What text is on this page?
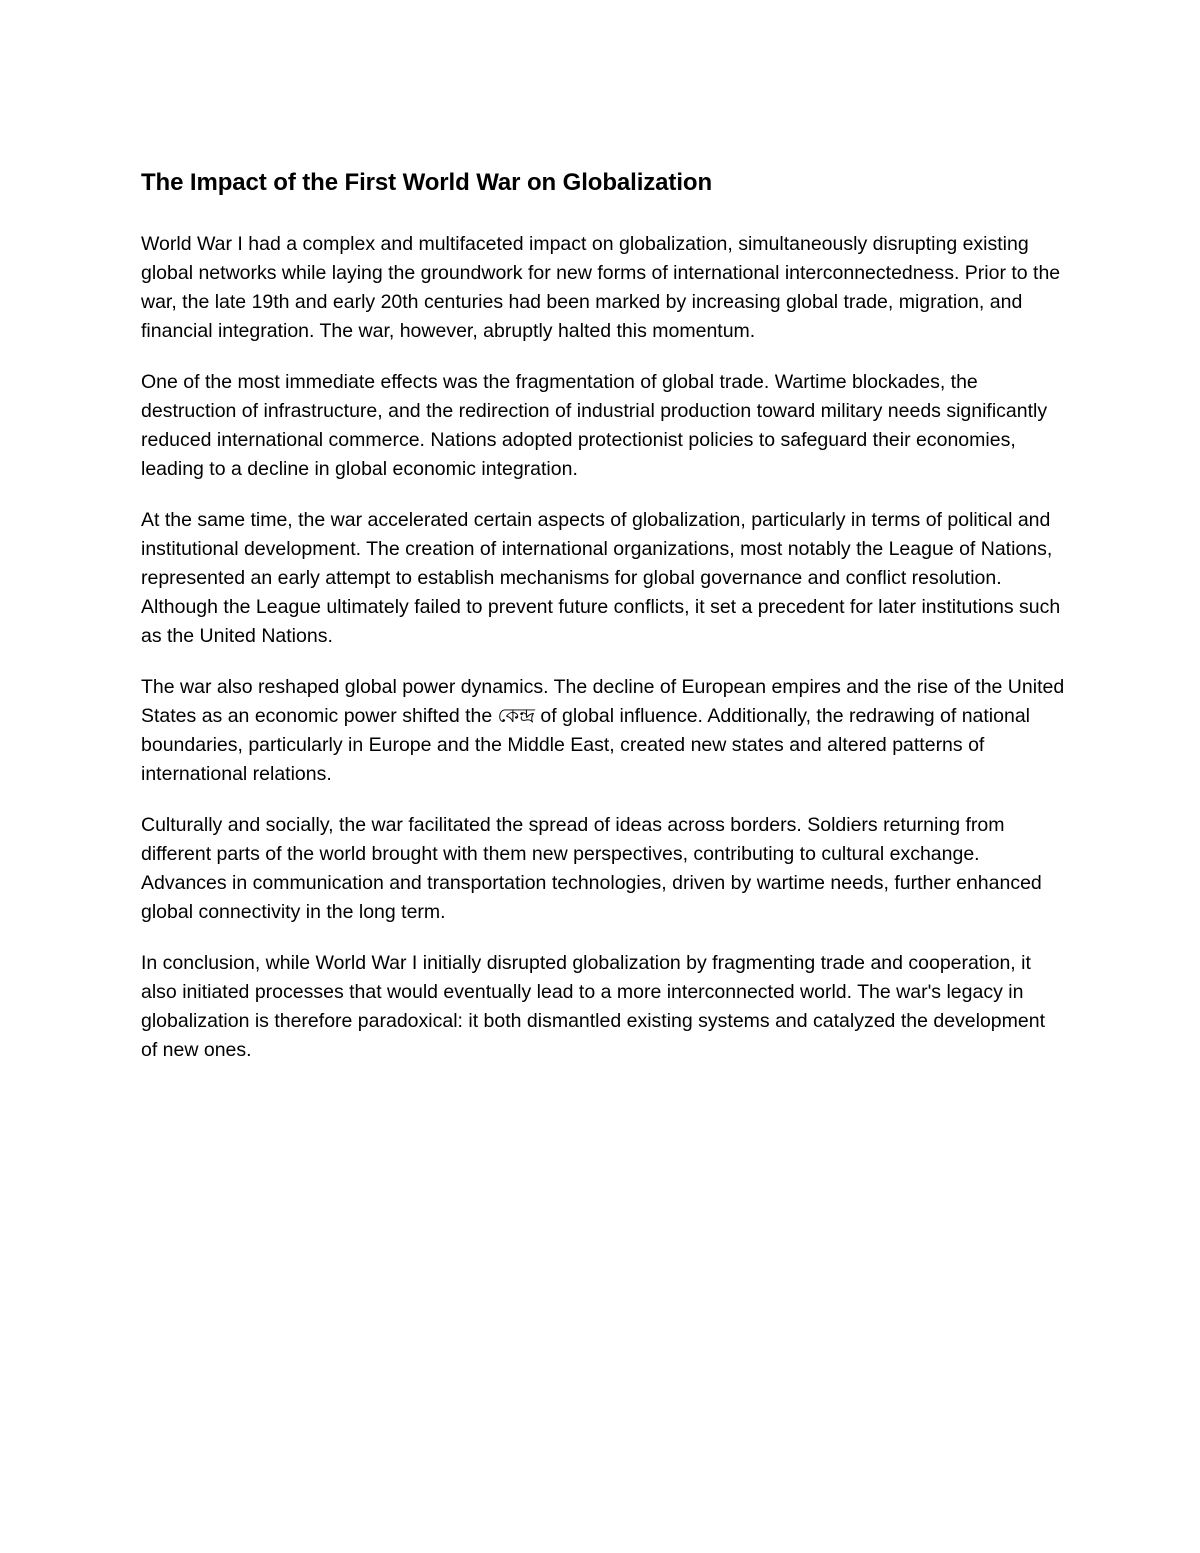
The Impact of the First World War on Globalization

World War I had a complex and multifaceted impact on globalization, simultaneously disrupting existing global networks while laying the groundwork for new forms of international interconnectedness. Prior to the war, the late 19th and early 20th centuries had been marked by increasing global trade, migration, and financial integration. The war, however, abruptly halted this momentum.

One of the most immediate effects was the fragmentation of global trade. Wartime blockades, the destruction of infrastructure, and the redirection of industrial production toward military needs significantly reduced international commerce. Nations adopted protectionist policies to safeguard their economies, leading to a decline in global economic integration.

At the same time, the war accelerated certain aspects of globalization, particularly in terms of political and institutional development. The creation of international organizations, most notably the League of Nations, represented an early attempt to establish mechanisms for global governance and conflict resolution. Although the League ultimately failed to prevent future conflicts, it set a precedent for later institutions such as the United Nations.

The war also reshaped global power dynamics. The decline of European empires and the rise of the United States as an economic power shifted the কেন্দ্র of global influence. Additionally, the redrawing of national boundaries, particularly in Europe and the Middle East, created new states and altered patterns of international relations.

Culturally and socially, the war facilitated the spread of ideas across borders. Soldiers returning from different parts of the world brought with them new perspectives, contributing to cultural exchange. Advances in communication and transportation technologies, driven by wartime needs, further enhanced global connectivity in the long term.

In conclusion, while World War I initially disrupted globalization by fragmenting trade and cooperation, it also initiated processes that would eventually lead to a more interconnected world. The war's legacy in globalization is therefore paradoxical: it both dismantled existing systems and catalyzed the development of new ones.
